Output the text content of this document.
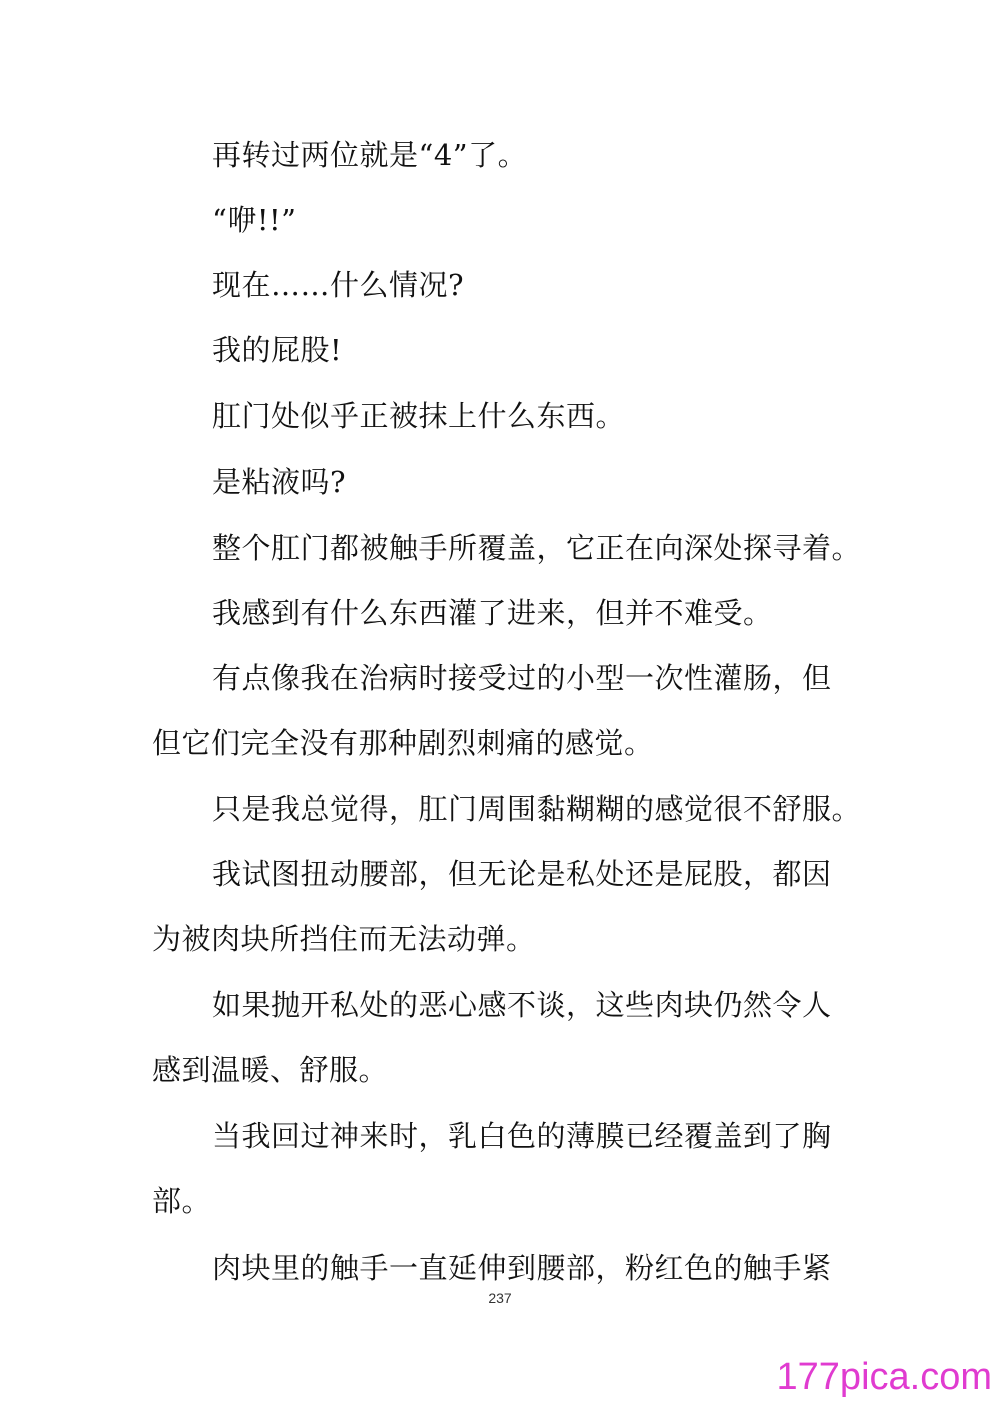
再转过两位就是“4”了。

“咿!!”

现在……什么情况?

我的屁股!

肛门处似乎正被抹上什么东西。

是粘液吗?

整个肛门都被触手所覆盖，它正在向深处探寻着。

我感到有什么东西灌了进来，但并不难受。

有点像我在治病时接受过的小型一次性灌肠，但
但它们完全没有那种剧烈刺痛的感觉。

只是我总觉得，肛门周围黏糊糊的感觉很不舒服。

我试图扭动腰部，但无论是私处还是屁股，都因
为被肉块所挡住而无法动弹。

如果抛开私处的恶心感不谈，这些肉块仍然令人
感到温暖、舒服。

当我回过神来时，乳白色的薄膜已经覆盖到了胸
部。

肉块里的触手一直延伸到腰部，粉红色的触手紧

237
177pica.com
